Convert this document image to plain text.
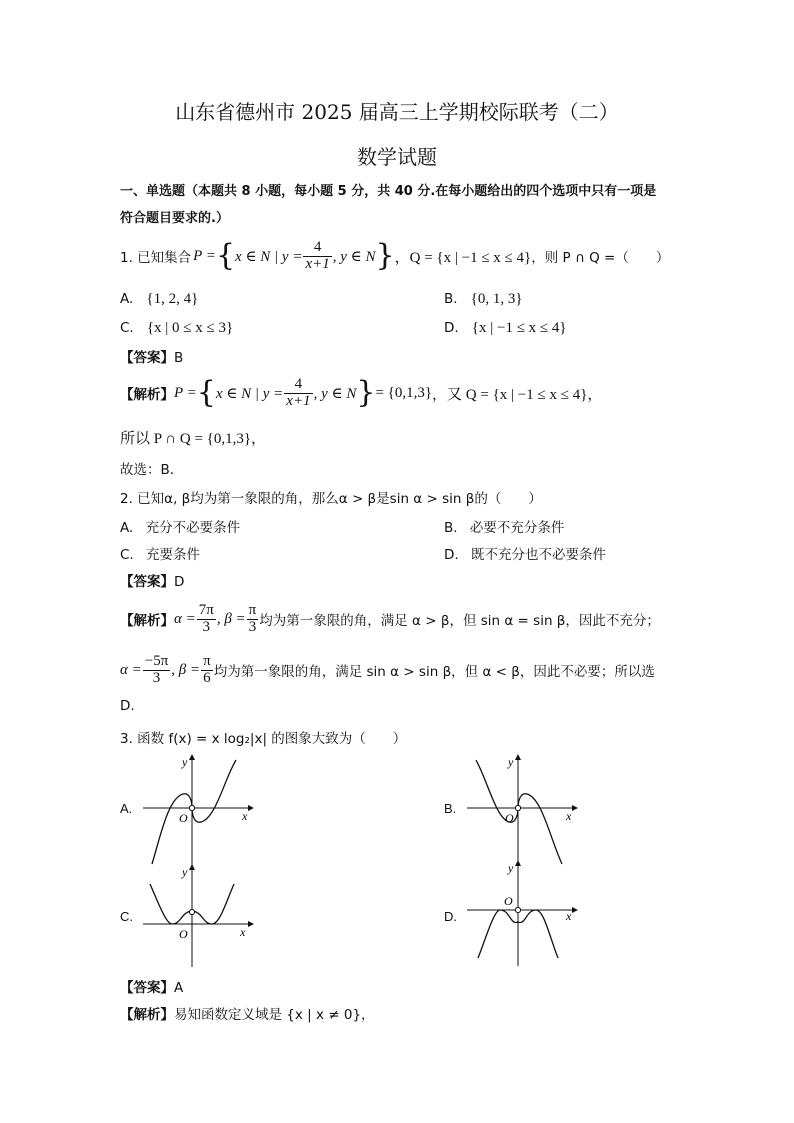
山东省德州市 2025 届高三上学期校际联考（二）
数学试题
一、单选题（本题共 8 小题，每小题 5 分，共 40 分.在每小题给出的四个选项中只有一项是
符合题目要求的.）
1. 已知集合 P = { x ∈ N | $y = \frac{4}{x+1}$ , y ∈ N } ，Q = {x | −1 ≤ x ≤ 4} ，则 P ∩ Q =（　　）
A. {1, 2, 4}	B. {0, 1, 3}
C. {x | 0 ≤ x ≤ 3}	D. {x | −1 ≤ x ≤ 4}
【答案】B
【解析】 P = { x ∈ N | $y = \frac{4}{x+1}$ , y ∈ N } = {0,1,3} ，又 Q = {x | −1 ≤ x ≤ 4}，
所以 P ∩ Q = {0,1,3}，
故选：B．
2. 已知α, β均为第一象限的角，那么α > β是sin α > sin β的（　　）
A. 充分不必要条件	B. 必要不充分条件
C. 充要条件	D. 既不充分也不必要条件
【答案】D
【解析】 $\alpha = \frac{7\pi}{3}$ , $\beta = \frac{\pi}{3}$ 均为第一象限的角，满足 α > β，但 sin α = sin β，因此不充分；
$\alpha = \frac{-5\pi}{3}$ , $\beta = \frac{\pi}{6}$ 均为第一象限的角，满足 sin α > sin β，但 α < β，因此不必要；所以选
D.
3. 函数 f(x) = x log₂|x| 的图象大致为（　　）
A.	x
y
O
B.	x
y
O
C.
x
y
O
D.	x
y
O
【答案】A
【解析】易知函数定义域是 {x | x ≠ 0}，
